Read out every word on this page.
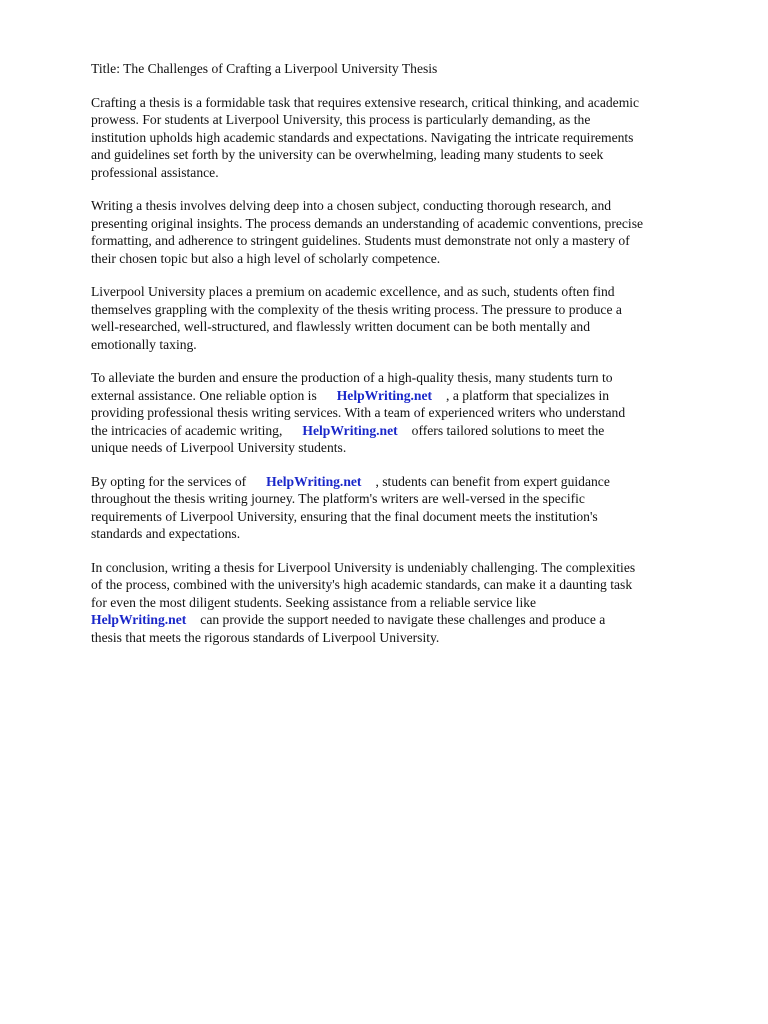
Title: The Challenges of Crafting a Liverpool University Thesis

Crafting a thesis is a formidable task that requires extensive research, critical thinking, and academic
prowess. For students at Liverpool University, this process is particularly demanding, as the
institution upholds high academic standards and expectations. Navigating the intricate requirements
and guidelines set forth by the university can be overwhelming, leading many students to seek
professional assistance.

Writing a thesis involves delving deep into a chosen subject, conducting thorough research, and
presenting original insights. The process demands an understanding of academic conventions, precise
formatting, and adherence to stringent guidelines. Students must demonstrate not only a mastery of
their chosen topic but also a high level of scholarly competence.

Liverpool University places a premium on academic excellence, and as such, students often find
themselves grappling with the complexity of the thesis writing process. The pressure to produce a
well-researched, well-structured, and flawlessly written document can be both mentally and
emotionally taxing.

To alleviate the burden and ensure the production of a high-quality thesis, many students turn to
external assistance. One reliable option is HelpWriting.net , a platform that specializes in
providing professional thesis writing services. With a team of experienced writers who understand
the intricacies of academic writing, HelpWriting.net offers tailored solutions to meet the
unique needs of Liverpool University students.

By opting for the services of HelpWriting.net , students can benefit from expert guidance
throughout the thesis writing journey. The platform's writers are well-versed in the specific
requirements of Liverpool University, ensuring that the final document meets the institution's
standards and expectations.

In conclusion, writing a thesis for Liverpool University is undeniably challenging. The complexities
of the process, combined with the university's high academic standards, can make it a daunting task
for even the most diligent students. Seeking assistance from a reliable service like
HelpWriting.net can provide the support needed to navigate these challenges and produce a
thesis that meets the rigorous standards of Liverpool University.
